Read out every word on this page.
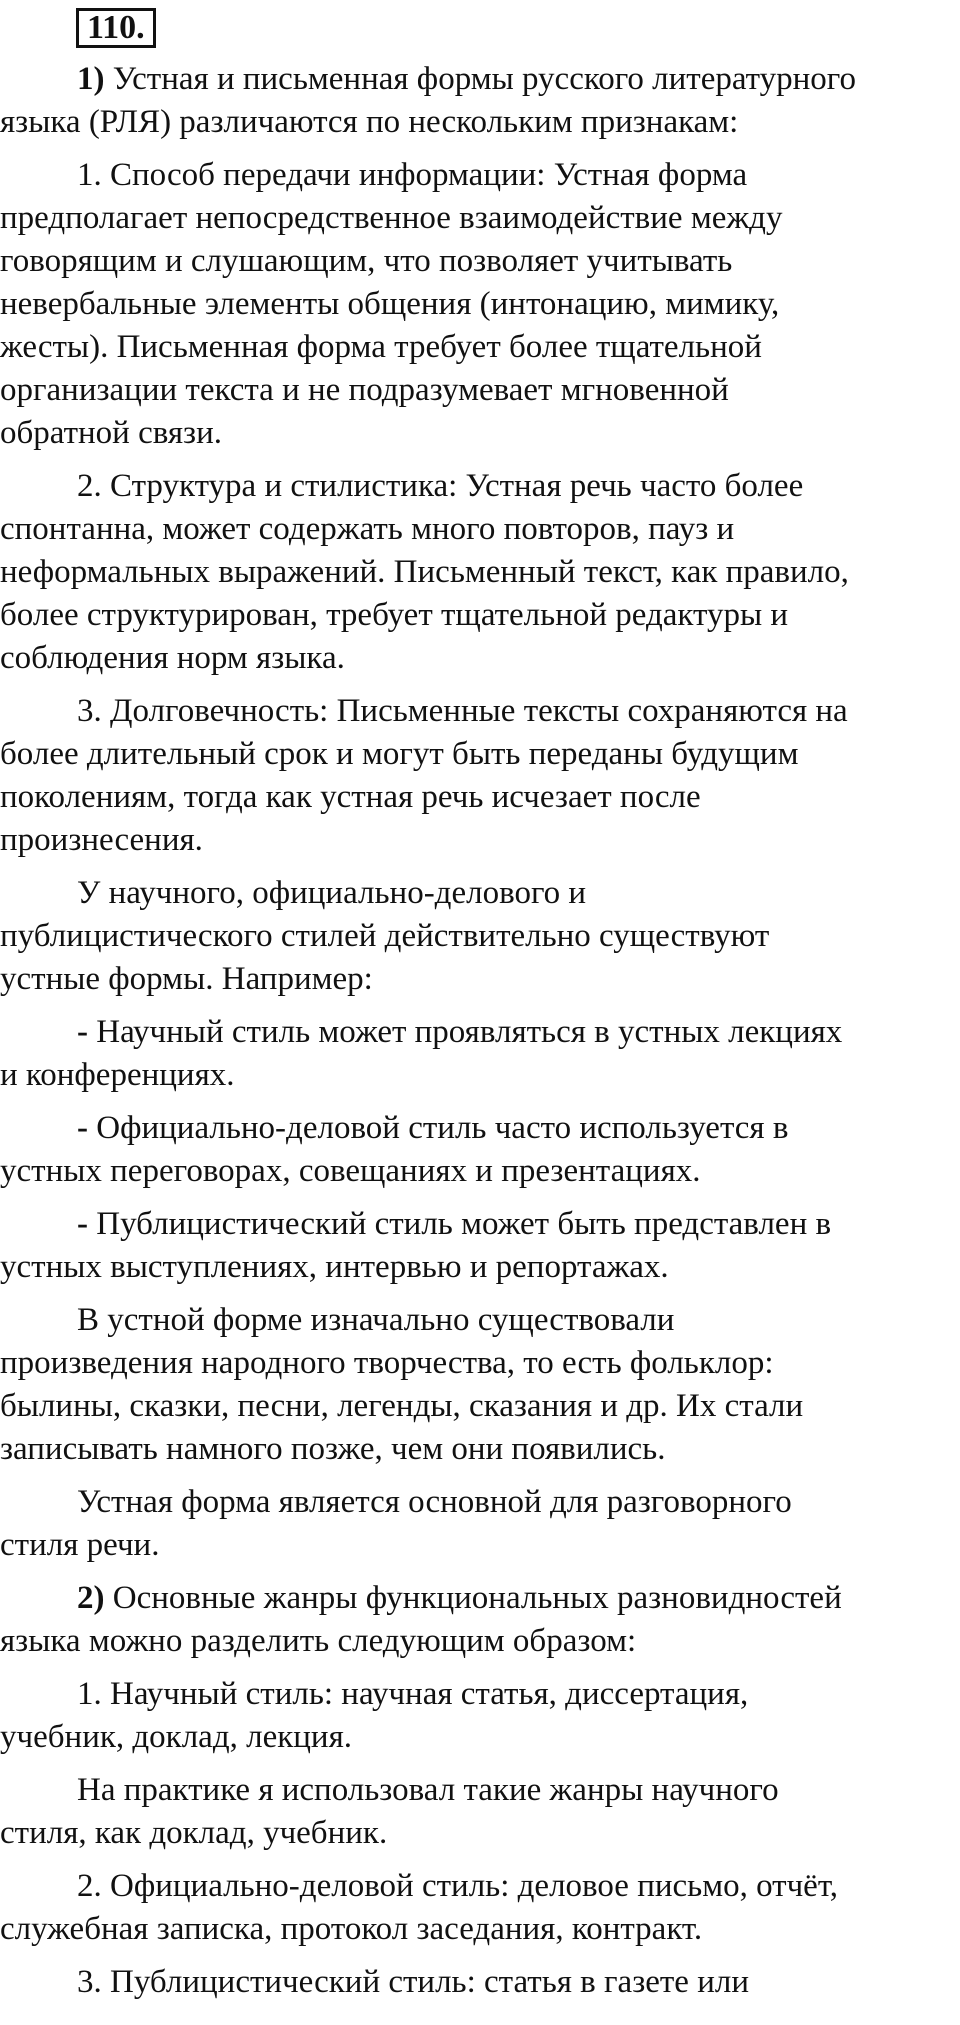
110.

1) Устная и письменная формы русского литературного
языка (РЛЯ) различаются по нескольким признакам:

1. Способ передачи информации: Устная форма
предполагает непосредственное взаимодействие между
говорящим и слушающим, что позволяет учитывать
невербальные элементы общения (интонацию, мимику,
жесты). Письменная форма требует более тщательной
организации текста и не подразумевает мгновенной
обратной связи.

2. Структура и стилистика: Устная речь часто более
спонтанна, может содержать много повторов, пауз и
неформальных выражений. Письменный текст, как правило,
более структурирован, требует тщательной редактуры и
соблюдения норм языка.

3. Долговечность: Письменные тексты сохраняются на
более длительный срок и могут быть переданы будущим
поколениям, тогда как устная речь исчезает после
произнесения.

У научного, официально-делового и
публицистического стилей действительно существуют
устные формы. Например:

- Научный стиль может проявляться в устных лекциях
и конференциях.

- Официально-деловой стиль часто используется в
устных переговорах, совещаниях и презентациях.

- Публицистический стиль может быть представлен в
устных выступлениях, интервью и репортажах.

В устной форме изначально существовали
произведения народного творчества, то есть фольклор:
былины, сказки, песни, легенды, сказания и др. Их стали
записывать намного позже, чем они появились.

Устная форма является основной для разговорного
стиля речи.

2) Основные жанры функциональных разновидностей
языка можно разделить следующим образом:

1. Научный стиль: научная статья, диссертация,
учебник, доклад, лекция.

На практике я использовал такие жанры научного
стиля, как доклад, учебник.

2. Официально-деловой стиль: деловое письмо, отчёт,
служебная записка, протокол заседания, контракт.

3. Публицистический стиль: статья в газете или
